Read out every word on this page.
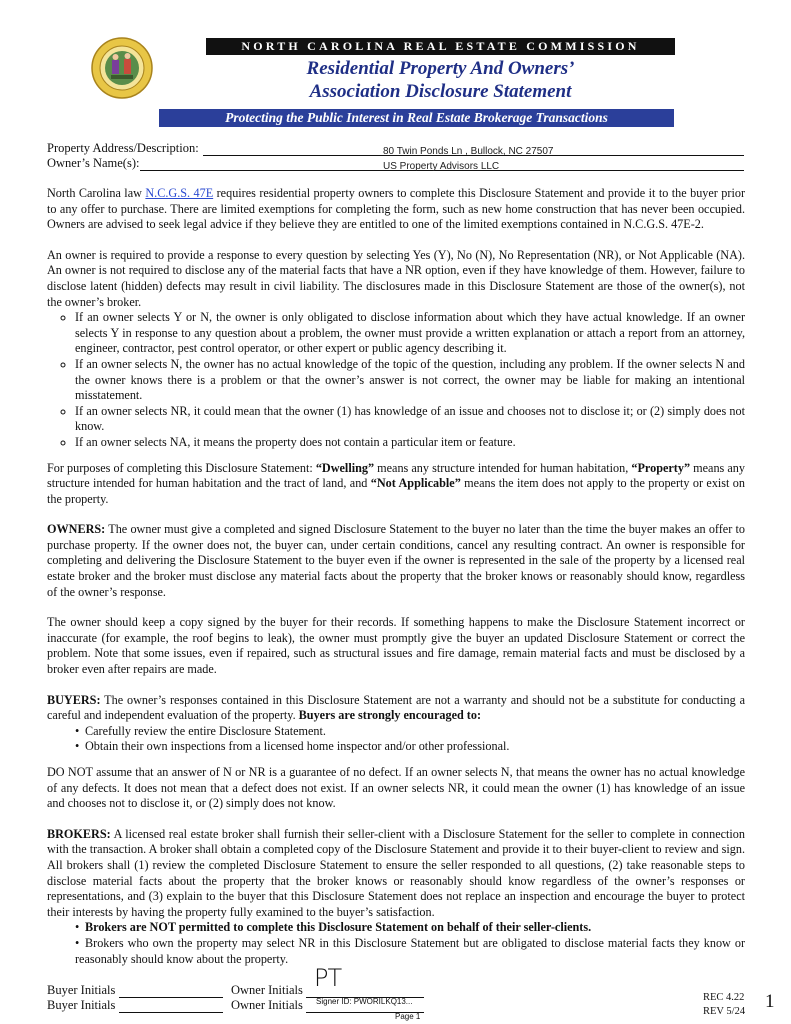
NORTH CAROLINA REAL ESTATE COMMISSION
Residential Property And Owners’
Association Disclosure Statement
Protecting the Public Interest in Real Estate Brokerage Transactions
Property Address/Description:	80 Twin Ponds Ln , Bullock, NC 27507
Owner’s Name(s):	US Property Advisors LLC

North Carolina law N.C.G.S. 47E requires residential property owners to complete this Disclosure Statement and provide it to the buyer prior to any offer to purchase. There are limited exemptions for completing the form, such as new home construction that has never been occupied. Owners are advised to seek legal advice if they believe they are entitled to one of the limited exemptions contained in N.C.G.S. 47E-2.

An owner is required to provide a response to every question by selecting Yes (Y), No (N), No Representation (NR), or Not Applicable (NA). An owner is not required to disclose any of the material facts that have a NR option, even if they have knowledge of them. However, failure to disclose latent (hidden) defects may result in civil liability. The disclosures made in this Disclosure Statement are those of the owner(s), not the owner’s broker.

◦ If an owner selects Y or N, the owner is only obligated to disclose information about which they have actual knowledge. If an owner selects Y in response to any question about a problem, the owner must provide a written explanation or attach a report from an attorney, engineer, contractor, pest control operator, or other expert or public agency describing it.
◦ If an owner selects N, the owner has no actual knowledge of the topic of the question, including any problem. If the owner selects N and the owner knows there is a problem or that the owner’s answer is not correct, the owner may be liable for making an intentional misstatement.
◦ If an owner selects NR, it could mean that the owner (1) has knowledge of an issue and chooses not to disclose it; or (2) simply does not know.
◦ If an owner selects NA, it means the property does not contain a particular item or feature.

For purposes of completing this Disclosure Statement: “Dwelling” means any structure intended for human habitation, “Property” means any structure intended for human habitation and the tract of land, and “Not Applicable” means the item does not apply to the property or exist on the property.

OWNERS: The owner must give a completed and signed Disclosure Statement to the buyer no later than the time the buyer makes an offer to purchase property. If the owner does not, the buyer can, under certain conditions, cancel any resulting contract. An owner is responsible for completing and delivering the Disclosure Statement to the buyer even if the owner is represented in the sale of the property by a licensed real estate broker and the broker must disclose any material facts about the property that the broker knows or reasonably should know, regardless of the owner’s response.

The owner should keep a copy signed by the buyer for their records. If something happens to make the Disclosure Statement incorrect or inaccurate (for example, the roof begins to leak), the owner must promptly give the buyer an updated Disclosure Statement or correct the problem. Note that some issues, even if repaired, such as structural issues and fire damage, remain material facts and must be disclosed by a broker even after repairs are made.

BUYERS: The owner’s responses contained in this Disclosure Statement are not a warranty and should not be a substitute for conducting a careful and independent evaluation of the property. Buyers are strongly encouraged to:

• Carefully review the entire Disclosure Statement.
• Obtain their own inspections from a licensed home inspector and/or other professional.

DO NOT assume that an answer of N or NR is a guarantee of no defect. If an owner selects N, that means the owner has no actual knowledge of any defects. It does not mean that a defect does not exist. If an owner selects NR, it could mean the owner (1) has knowledge of an issue and chooses not to disclose it, or (2) simply does not know.

BROKERS: A licensed real estate broker shall furnish their seller-client with a Disclosure Statement for the seller to complete in connection with the transaction. A broker shall obtain a completed copy of the Disclosure Statement and provide it to their buyer-client to review and sign. All brokers shall (1) review the completed Disclosure Statement to ensure the seller responded to all questions, (2) take reasonable steps to disclose material facts about the property that the broker knows or reasonably should know regardless of the owner’s responses or representations, and (3) explain to the buyer that this Disclosure Statement does not replace an inspection and encourage the buyer to protect their interests by having the property fully examined to the buyer’s satisfaction.

• Brokers are NOT permitted to complete this Disclosure Statement on behalf of their seller-clients.
• Brokers who own the property may select NR in this Disclosure Statement but are obligated to disclose material facts they know or reasonably should know about the property.
Buyer Initials
Buyer Initials
Owner Initials
Owner Initials
PT
Signer ID: PWORILKQ13...
Page 1
REC 4.22
REV 5/24 1
